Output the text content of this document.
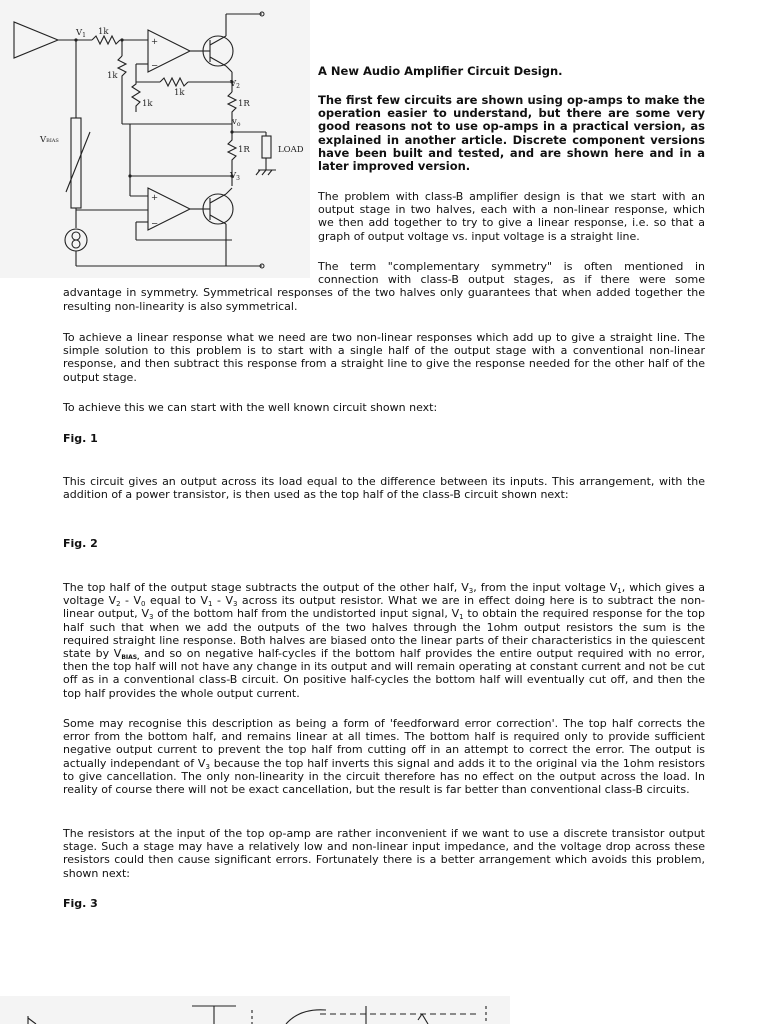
$V_1$ 1k
1k
1k
1k
$V_2$
1R
$v_o$
1R	LOAD
$V_3$
VBIAS
+
−
+
−

A New Audio Amplifier Circuit Design.

The first few circuits are shown using op-amps to make the operation easier to understand, but there are some very good reasons not to use op-amps in a practical version, as explained in another article. Discrete component versions have been built and tested, and are shown here and in a later improved version.

The problem with class-B amplifier design is that we start with an output stage in two halves, each with a non-linear response, which we then add together to try to give a linear response, i.e. so that a graph of output voltage vs. input voltage is a straight line.

The term "complementary symmetry" is often mentioned in
connection with class-B output stages, as if there were some
advantage in symmetry. Symmetrical responses of the two halves only guarantees that when added together the resulting non-linearity is also symmetrical.

To achieve a linear response what we need are two non-linear responses which add up to give a straight line. The simple solution to this problem is to start with a single half of the output stage with a conventional non-linear response, and then subtract this response from a straight line to give the response needed for the other half of the output stage.

To achieve this we can start with the well known circuit shown next:

Fig. 1

This circuit gives an output across its load equal to the difference between its inputs. This arrangement, with the addition of a power transistor, is then used as the top half of the class-B circuit shown next:

Fig. 2

The top half of the output stage subtracts the output of the other half, $V_3$, from the input voltage $V_1$, which gives a voltage $V_2 - V_0$ equal to $V_1 - V_3$ across its output resistor. What we are in effect doing here is to subtract the non-linear output, $V_3$ of the bottom half from the undistorted input signal, $V_1$ to obtain the required response for the top half such that when we add the outputs of the two halves through the 1ohm output resistors the sum is the required straight line response. Both halves are biased onto the linear parts of their characteristics in the quiescent state by $V_{BIAS,}$ and so on negative half-cycles if the bottom half provides the entire output required with no error, then the top half will not have any change in its output and will remain operating at constant current and not be cut off as in a conventional class-B circuit. On positive half-cycles the bottom half will eventually cut off, and then the top half provides the whole output current.

Some may recognise this description as being a form of 'feedforward error correction'. The top half corrects the error from the bottom half, and remains linear at all times. The bottom half is required only to provide sufficient negative output current to prevent the top half from cutting off in an attempt to correct the error. The output is actually independant of $V_3$ because the top half inverts this signal and adds it to the original via the 1ohm resistors to give cancellation. The only non-linearity in the circuit therefore has no effect on the output across the load. In reality of course there will not be exact cancellation, but the result is far better than conventional class-B circuits.

The resistors at the input of the top op-amp are rather inconvenient if we want to use a discrete transistor output stage. Such a stage may have a relatively low and non-linear input impedance, and the voltage drop across these resistors could then cause significant errors. Fortunately there is a better arrangement which avoids this problem, shown next:

Fig. 3
